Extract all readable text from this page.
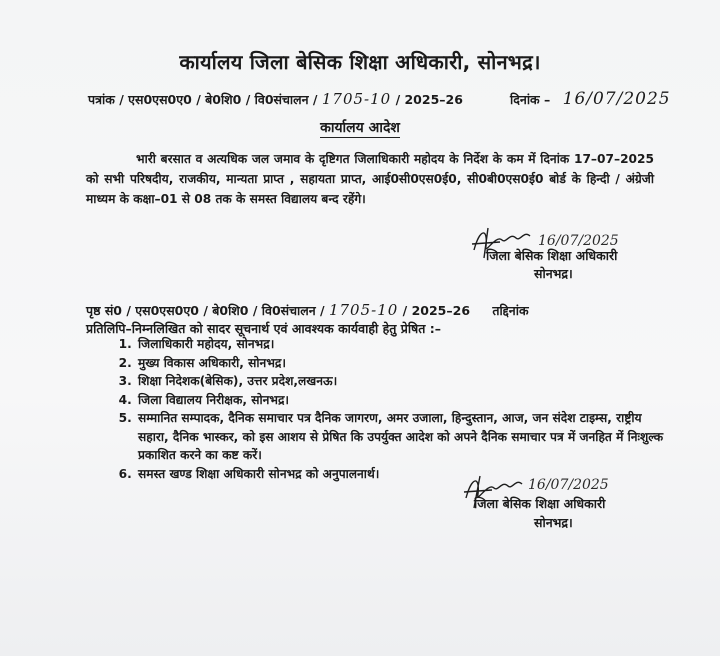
कार्यालय जिला बेसिक शिक्षा अधिकारी, सोनभद्र।
पत्रांक / एस0एस0ए0 / बे0शि0 / वि0संचालन / 1705-10 / 2025–26	दिनांक – 16/07/2025
कार्यालय आदेश
भारी बरसात व अत्यधिक जल जमाव के दृष्टिगत जिलाधिकारी महोदय के निर्देश के कम में दिनांक 17–07–2025 को सभी परिषदीय, राजकीय, मान्यता प्राप्त , सहायता प्राप्त, आई0सी0एस0ई0, सी0बी0एस0ई0 बोर्ड के हिन्दी / अंग्रेजी माध्यम के कक्षा–01 से 08 तक के समस्त विद्यालय बन्द रहेंगे।
16/07/2025
जिला बेसिक शिक्षा अधिकारी
सोनभद्र।
पृष्ठ सं0 / एस0एस0ए0 / बे0शि0 / वि0संचालन / 1705-10 / 2025–26 तद्दिनांक
प्रतिलिपि–निम्नलिखित को सादर सूचनार्थ एवं आवश्यक कार्यवाही हेतु प्रेषित :–
1. जिलाधिकारी महोदय, सोनभद्र।
2. मुख्य विकास अधिकारी, सोनभद्र।
3. शिक्षा निदेशक(बेसिक), उत्तर प्रदेश,लखनऊ।
4. जिला विद्यालय निरीक्षक, सोनभद्र।
5. सम्मानित सम्पादक, दैनिक समाचार पत्र दैनिक जागरण, अमर उजाला, हिन्दुस्तान, आज, जन संदेश टाइम्स, राष्ट्रीय सहारा, दैनिक भास्कर, को इस आशय से प्रेषित कि उपर्युक्त आदेश को अपने दैनिक समाचार पत्र में जनहित में निःशुल्क प्रकाशित करने का कष्ट करें।
6. समस्त खण्ड शिक्षा अधिकारी सोनभद्र को अनुपालनार्थ।
16/07/2025
जिला बेसिक शिक्षा अधिकारी
सोनभद्र।
